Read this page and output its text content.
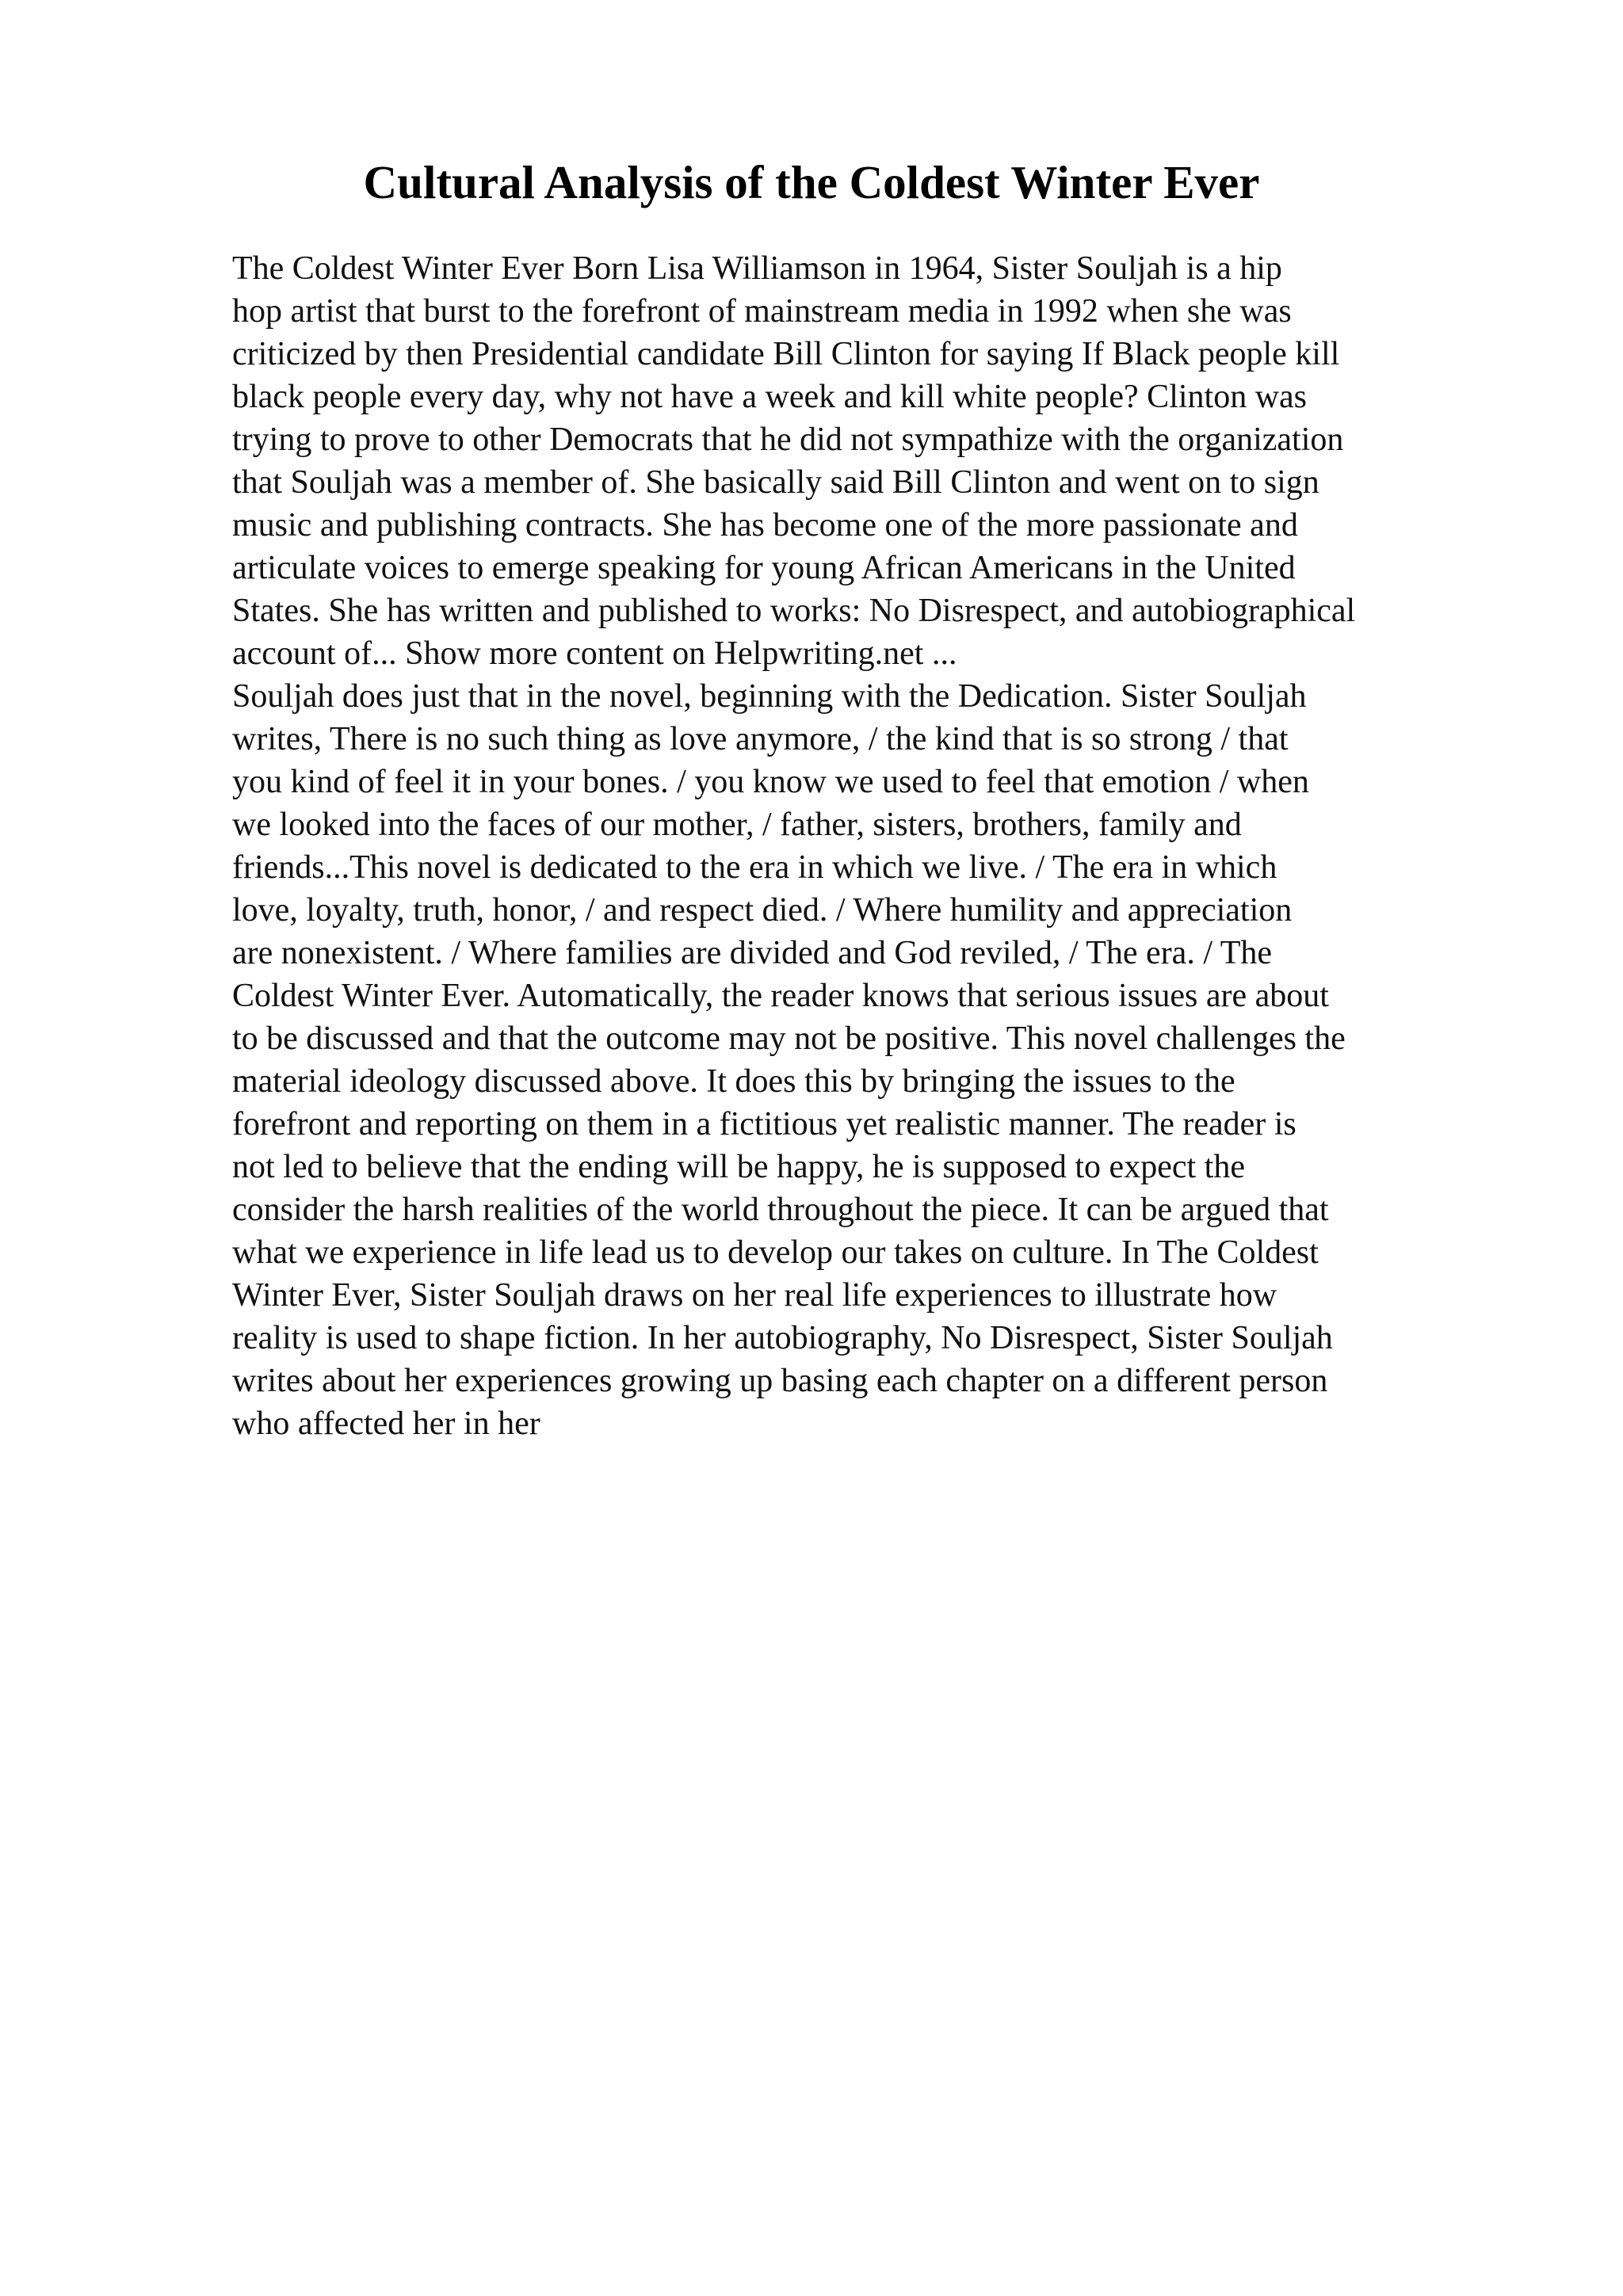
Cultural Analysis of the Coldest Winter Ever
The Coldest Winter Ever Born Lisa Williamson in 1964, Sister Souljah is a hip
hop artist that burst to the forefront of mainstream media in 1992 when she was
criticized by then Presidential candidate Bill Clinton for saying If Black people kill
black people every day, why not have a week and kill white people? Clinton was
trying to prove to other Democrats that he did not sympathize with the organization
that Souljah was a member of. She basically said Bill Clinton and went on to sign
music and publishing contracts. She has become one of the more passionate and
articulate voices to emerge speaking for young African Americans in the United
States. She has written and published to works: No Disrespect, and autobiographical
account of... Show more content on Helpwriting.net ...
Souljah does just that in the novel, beginning with the Dedication. Sister Souljah
writes, There is no such thing as love anymore, / the kind that is so strong / that
you kind of feel it in your bones. / you know we used to feel that emotion / when
we looked into the faces of our mother, / father, sisters, brothers, family and
friends...This novel is dedicated to the era in which we live. / The era in which
love, loyalty, truth, honor, / and respect died. / Where humility and appreciation
are nonexistent. / Where families are divided and God reviled, / The era. / The
Coldest Winter Ever. Automatically, the reader knows that serious issues are about
to be discussed and that the outcome may not be positive. This novel challenges the
material ideology discussed above. It does this by bringing the issues to the
forefront and reporting on them in a fictitious yet realistic manner. The reader is
not led to believe that the ending will be happy, he is supposed to expect the
consider the harsh realities of the world throughout the piece. It can be argued that
what we experience in life lead us to develop our takes on culture. In The Coldest
Winter Ever, Sister Souljah draws on her real life experiences to illustrate how
reality is used to shape fiction. In her autobiography, No Disrespect, Sister Souljah
writes about her experiences growing up basing each chapter on a different person
who affected her in her
